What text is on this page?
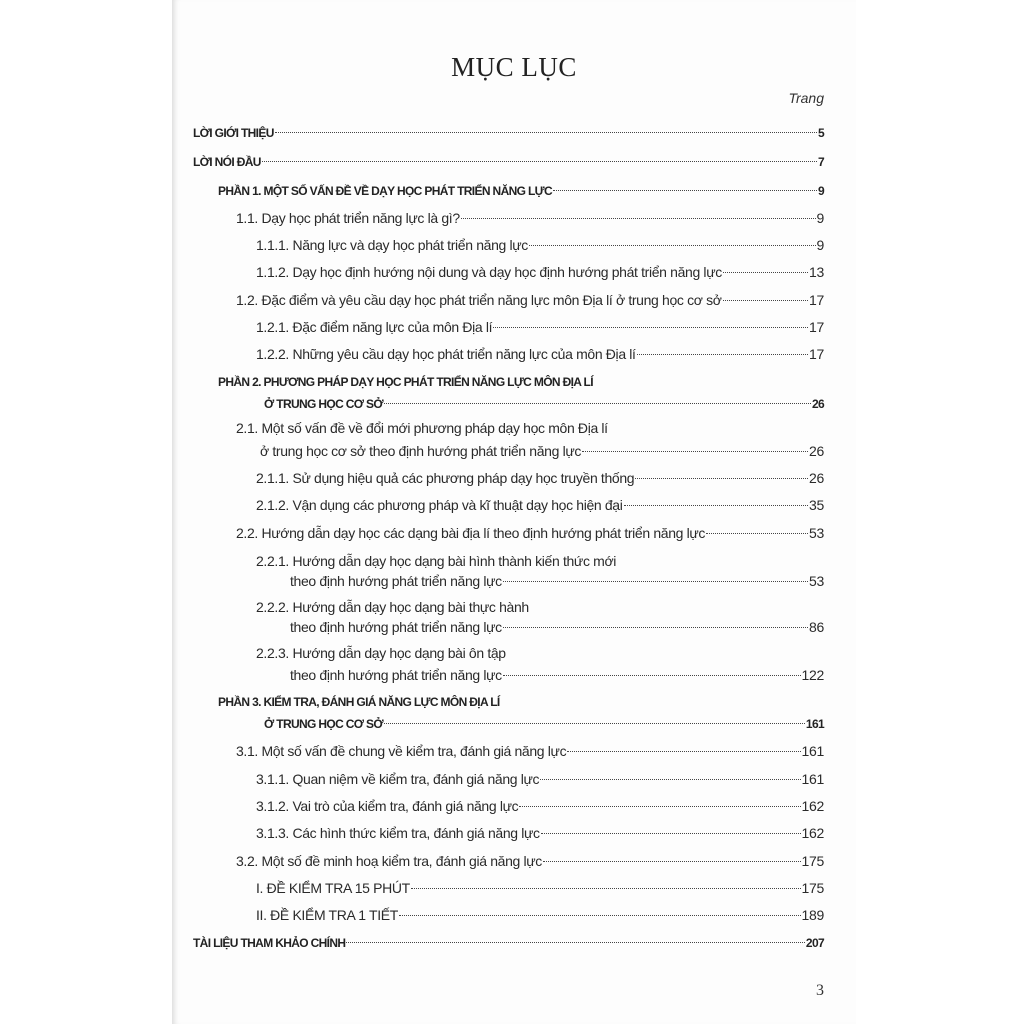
MỤC LỤC
Trang
LỜI GIỚI THIỆU	5
LỜI NÓI ĐẦU	7
PHẦN 1. MỘT SỐ VẤN ĐỀ VỀ DẠY HỌC PHÁT TRIỂN NĂNG LỰC	9
1.1. Dạy học phát triển năng lực là gì?	9
1.1.1. Năng lực và dạy học phát triển năng lực	9
1.1.2. Dạy học định hướng nội dung và dạy học định hướng phát triển năng lực	13
1.2. Đặc điểm và yêu cầu dạy học phát triển năng lực môn Địa lí ở trung học cơ sở	17
1.2.1. Đặc điểm năng lực của môn Địa lí	17
1.2.2. Những yêu cầu dạy học phát triển năng lực của môn Địa lí	17
PHẦN 2. PHƯƠNG PHÁP DẠY HỌC PHÁT TRIỂN NĂNG LỰC MÔN ĐỊA LÍ
Ở TRUNG HỌC CƠ SỞ	26
2.1. Một số vấn đề về đổi mới phương pháp dạy học môn Địa lí
ở trung học cơ sở theo định hướng phát triển năng lực	26
2.1.1. Sử dụng hiệu quả các phương pháp dạy học truyền thống	26
2.1.2. Vận dụng các phương pháp và kĩ thuật dạy học hiện đại	35
2.2. Hướng dẫn dạy học các dạng bài địa lí theo định hướng phát triển năng lực	53
2.2.1. Hướng dẫn dạy học dạng bài hình thành kiến thức mới
theo định hướng phát triển năng lực	53
2.2.2. Hướng dẫn dạy học dạng bài thực hành
theo định hướng phát triển năng lực	86
2.2.3. Hướng dẫn dạy học dạng bài ôn tập
theo định hướng phát triển năng lực	122
PHẦN 3. KIỂM TRA, ĐÁNH GIÁ NĂNG LỰC MÔN ĐỊA LÍ
Ở TRUNG HỌC CƠ SỞ	161
3.1. Một số vấn đề chung về kiểm tra, đánh giá năng lực	161
3.1.1. Quan niệm về kiểm tra, đánh giá năng lực	161
3.1.2. Vai trò của kiểm tra, đánh giá năng lực	162
3.1.3. Các hình thức kiểm tra, đánh giá năng lực	162
3.2. Một số đề minh hoạ kiểm tra, đánh giá năng lực	175
I. ĐỀ KIỂM TRA 15 PHÚT	175
II. ĐỀ KIỂM TRA 1 TIẾT	189
TÀI LIỆU THAM KHẢO CHÍNH	207
3
